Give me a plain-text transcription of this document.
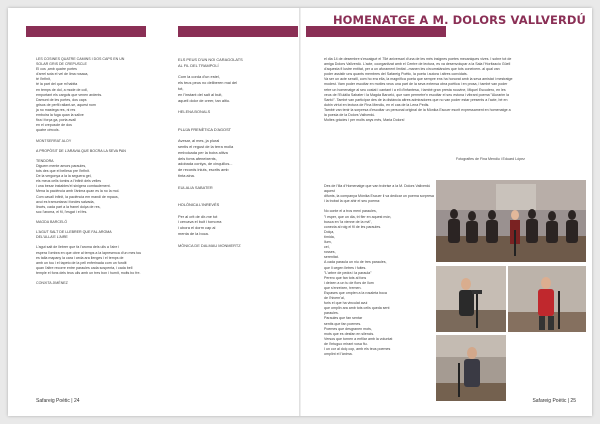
HOMENATGE A M. DOLORS VALLVERDÚ
LES COSINES QUATRE CAMINS I DOS CAPS EN UN
SOLAR GRIS DE CREPUSCLE
El cos ,amb quatre portes
d'arrel sota el vel de lima rosaca,
té l'infinit,
té la part del que m'habita
en temps de dol, a mode de coll,
emportant els cargols que venen ardents.
Damunt de les portes, dos caps
grisos de perfil rallant-se, aquest nom
ja no mastega res, ni res
emboira la fuga quan la salive
fixa i força ga, porta avall
en el crepuscle de dos
quatre cèrcols.
MONTSERRAT ALOY
A PROPÒSIT DE L'ARAVIA QUE BOCRA LA SEVA PAN
TENDORA
Diguem mente amors paraules,
tots des que el bellesa pre l'infinit.
De la vergonya a la la seguera gel,
els meus cells tombs a l'infinit dels velles
i una besar instables'el sinigera comtaulement.
Mena la paciència amb l'ànima quan es la no la mol.
Com cavall infinit, la paciència em mandi de mpaus,
avui es tramuntana i fondes salvada,
lincès, cada part a la franel dolça de res,
soc l'aroma, el fil, l'esgat i el fes.
MAGDA BARCELÓ
L'AGUT SALT DE LLEBRER QUE FAL AROMA
DEL'ULLA'E L'AIRE
L'agut salt de llebrer que fa l'aroma dels ulls a l'aire i
espera l'ombra en que obre al temps a la lapresenca d'un mes tou
es talla mapany la cara i ceda ara llenges i el temps de
amb un tou i el tapeto de la pell enferinada com un fundit
quan l'altre recorre entre paraules cada sospenta, i cada bell
temple el fons dels teus ulls amb un tres bon i humit, molts bo fre.
CONXITA JIMÉNEZ
ELS PEUS D'UN NOI CARAGOLATS
AL FIL DEL TRAMPOLÍ
Com la corda d'un estel,
els teus peus no deliberen mai del
tot,
en l'instant del salt al buit,
aquell dolor de creer, tan altiu.
HELENA BONALS
PLUJA FRENÈTICA D'AGOST
Avesar, al mes, ja plural
sentis el regust de la terra molla
embolcada per la boira altiva
dels foms afeneixents,
adobada contya, de cinquillos...
de records iniuts, escrits amb
tinta aina.
EULALIA SABATER
HOLÒNICA L'INREVÉS
Per al crit de dir-me tot
i cercava el buit i tomorra
i ubora el dorm cap al
menta de la boca.
MÒNICA DE DALMAU MONMERTZ
el dia 14 de desembre s'escaigué el 75è aniversari d'una de les més insignes poetes mecaniques vives. I sobre tot de
amiga Dolors Vallverdú. L'acte, coorganitzat amb el Centre de lectura, es va desenvolupar a la Sala l'Horitzacio Güell
d'aquesta fi lustre entitat, per a un aforament limitat –manen les circumstàncies que tots coneixem- al qual van
poder assistir uns quants membres del Safareig Poètic, la poeta i autora i altres convidats.
Va ser un acte senzill, com ho era ella, la magnífica poeta que sempre ens ha honorat amb la seva amistat i mestratge
modest. Vam poder escoltar en motles veus una part de la seva extensa obra poètica i en prosa, i també van poder
retre un homenatge al seu costat i cantant i a ell d'infantesa, i també gran presta nouvine, Miquel Escudero, en les
veus de l'Eulàlia Sabater i la Magda Barceló, que vam permetre'n escoltar el seu estona i vibrant poema "Alurarim la
Santó". També van participar des de la distància altres admiradores que no van poder estar presents a l'acte, bé en
dubin virtut en lectura de Fina Mendiu, en el cas de la Lena Pedis.
També van tenir la sorpresa d'escoltar un personal original de la Mònika Escuer escrit expressament en homenatge a
la poesia de la Dolors Vallverdú.
Moltes gràcies i per molts anys més, Maria Dolors!
Des de l'illa d'Homenatge que van trobrise a la M. Dolors Vallverdú aquest
difunts, la companya Mònika Escuer li va dedicar un poema sorpresa
i la trobat la que ahir el seu poema:
No conte el a tros meni paraules,
"i esper, que un dia, tri fler en aquest mòn,
busca en 'la vienne de la mà",
conecta al roig el fil de les paraules.
Dolça,
tímida,
llum,
cel,
rosses,
serenitat.
A cada paraula un niu de tres paraules,
que li cegen lletres i fuites.
"L'arbre de pedra i la paraula"
Perero que fan tots al fons
i deixen a un tu de flors de llum
que s'enreixen, tremen.
Espases que omplen a la rosaleta boca
de l'hivern'al,
furis el que ha vinculat avui
que omplin ara amb tots celis queda sent
paraules.
Paraules que fan sentar
sentis que fan poemes.
Poemes que desgranen mots,
mots que es desfan en silencis.
Versos que tornen a enfilar amb la voluntat
de l'intuguo mirant vosa fiu.
I un cor al dolç cop, amb els teus poemes
omplint el l'ànima.
Fotografies de Fina Mendiu i Eduard López
Safareig Poètic | 24	Safareig Poètic | 25
